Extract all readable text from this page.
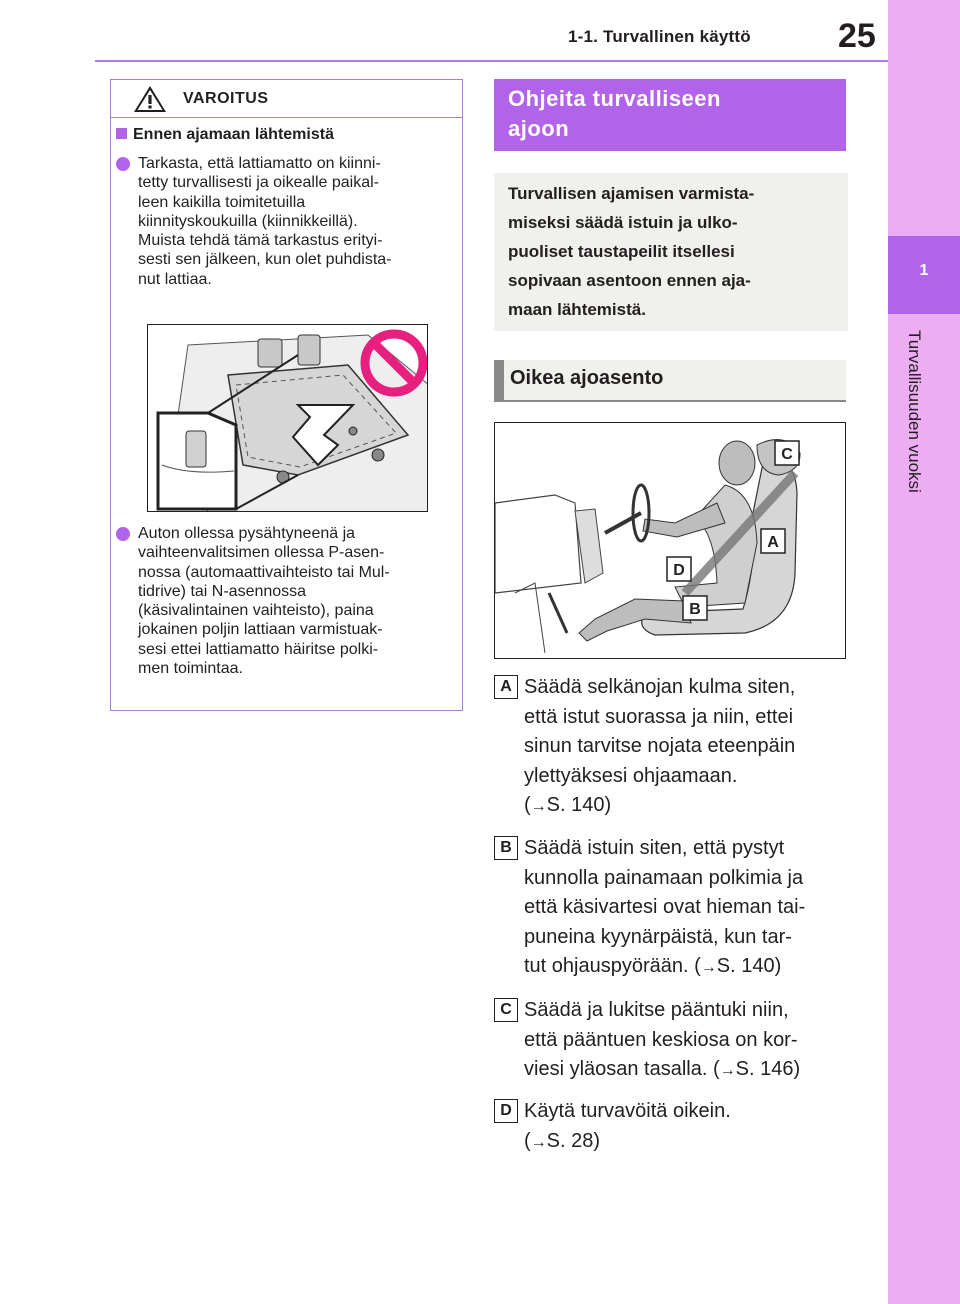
1-1. Turvallinen käyttö	25
1
Turvallisuuden vuoksi
VAROITUS
Ennen ajamaan lähtemistä
Tarkasta, että lattiamatto on kiinni-
tetty turvallisesti ja oikealle paikal-
leen kaikilla toimitetuilla
kiinnityskoukuilla (kiinnikkeillä).
Muista tehdä tämä tarkastus erityi-
sesti sen jälkeen, kun olet puhdista-
nut lattiaa.
Auton ollessa pysähtyneenä ja
vaihteenvalitsimen ollessa P-asen-
nossa (automaattivaihteisto tai Mul-
tidrive) tai N-asennossa
(käsivalintainen vaihteisto), paina
jokainen poljin lattiaan varmistuak-
sesi ettei lattiamatto häiritse polki-
men toimintaa.
Ohjeita turvalliseen
ajoon
Turvallisen ajamisen varmista-
miseksi säädä istuin ja ulko-
puoliset taustapeilit itsellesi
sopivaan asentoon ennen aja-
maan lähtemistä.
Oikea ajoasento
C
A
D
B
A Säädä selkänojan kulma siten,
että istut suorassa ja niin, ettei
sinun tarvitse nojata eteenpäin
ylettyäksesi ohjaamaan.
(→S. 140)
B Säädä istuin siten, että pystyt
kunnolla painamaan polkimia ja
että käsivartesi ovat hieman tai-
puneina kyynärpäistä, kun tar-
tut ohjauspyörään. (→S. 140)
C Säädä ja lukitse pääntuki niin,
että pääntuen keskiosa on kor-
viesi yläosan tasalla. (→S. 146)
D Käytä turvavöitä oikein.
(→S. 28)
